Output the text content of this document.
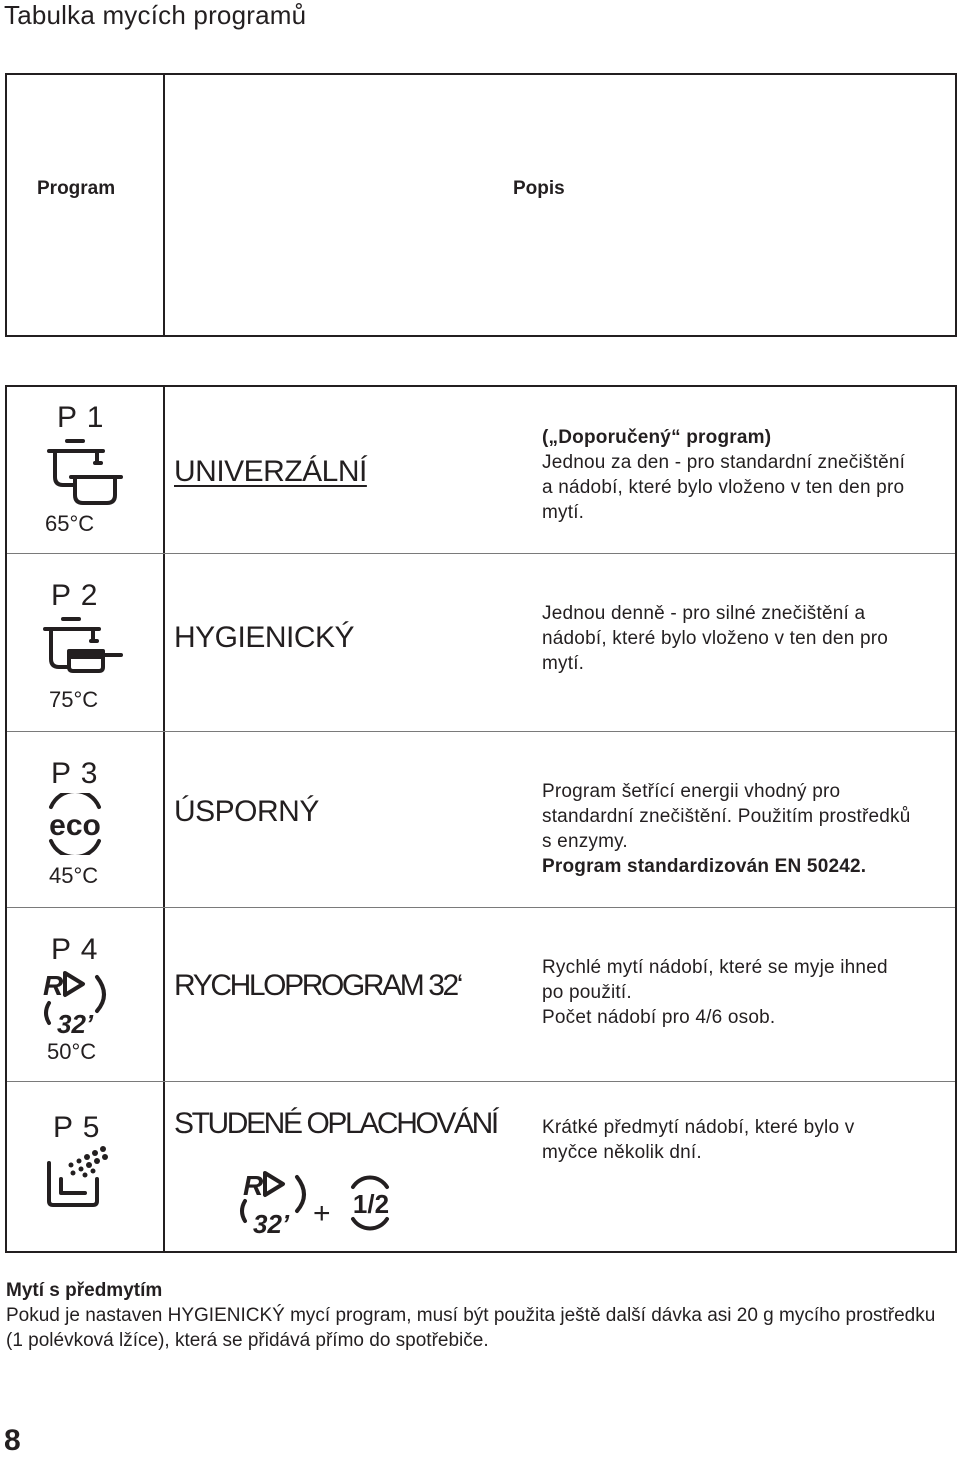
Tabulka mycích programů
Program	Popis
P 1
65°C
UNIVERZÁLNÍ
(„Doporučený“ program)
Jednou za den - pro standardní znečištění
a nádobí, které bylo vloženo v ten den pro
mytí.
P 2
75°C
HYGIENICKÝ
Jednou denně - pro silné znečištění a
nádobí, které bylo vloženo v ten den pro
mytí.
P 3
eco
45°C
ÚSPORNÝ
Program šetřící energii vhodný pro
standardní znečištění. Použitím prostředků
s enzymy.
Program standardizován EN 50242.
P 4
R
32’
50°C
RYCHLOPROGRAM 32‘
Rychlé mytí nádobí, které se myje ihned
po použití.
Počet nádobí pro 4/6 osob.
P 5 STUDENÉ OPLACHOVÁNÍ
R
32’ + 1/2
Krátké předmytí nádobí, které bylo v
myčce několik dní.
Mytí s předmytím
Pokud je nastaven HYGIENICKÝ mycí program, musí být použita ještě další dávka asi 20 g mycího prostředku (1 polévková lžíce), která se přidává přímo do spotřebiče.
8
